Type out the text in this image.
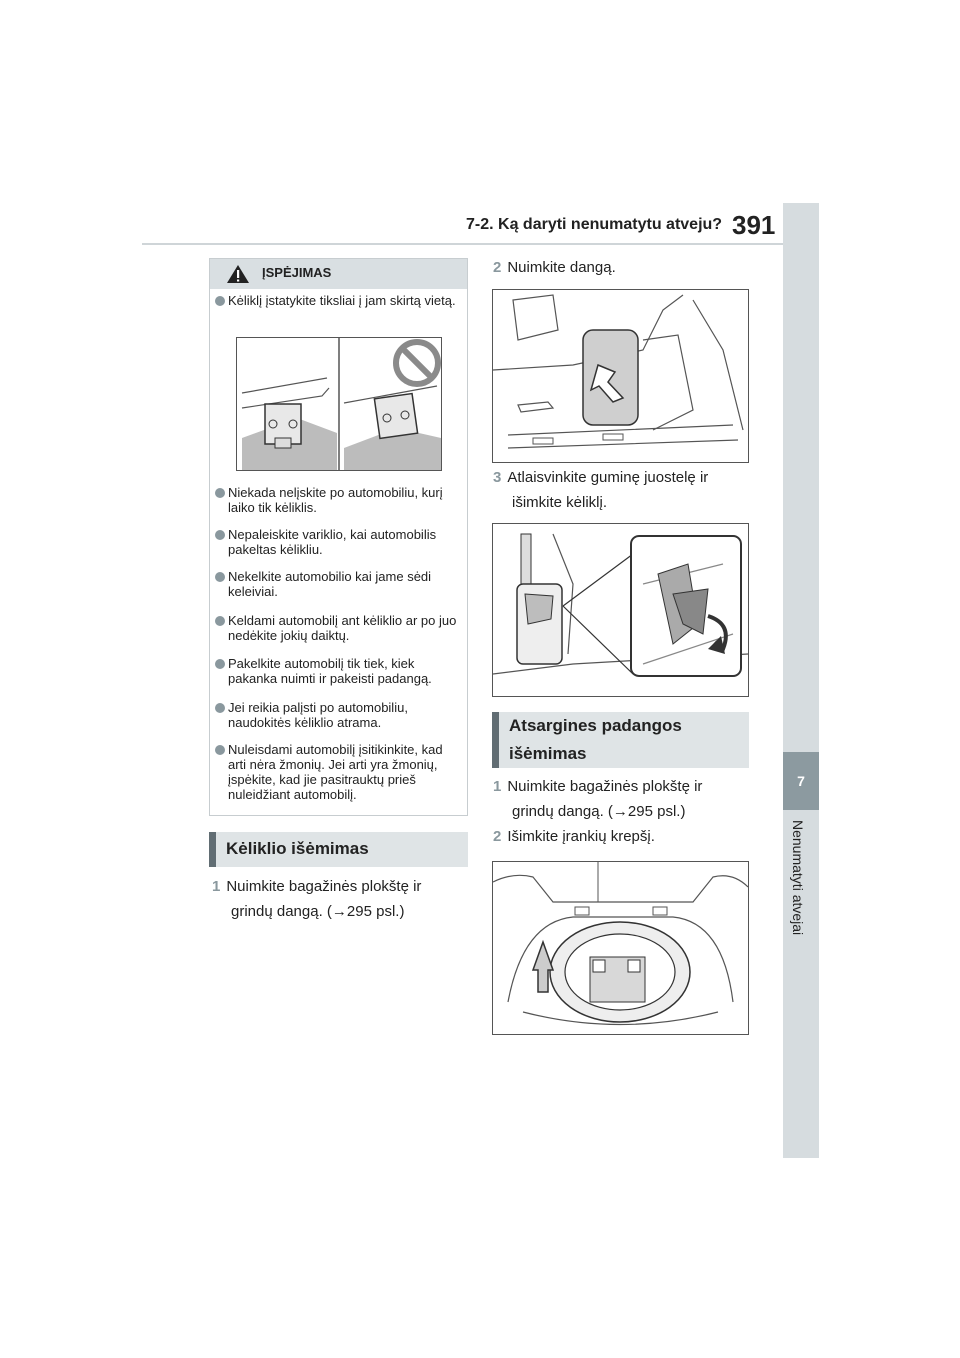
7-2. Ką daryti nenumatytu atveju? 391
7
Nenumatyti atvejai
ĮSPĖJIMAS
Kėliklį įstatykite tiksliai į jam skirtą vietą.
Niekada nelįskite po automobiliu, kurį laiko tik kėliklis.
Nepaleiskite variklio, kai automobilis pakeltas kėlikliu.
Nekelkite automobilio kai jame sėdi keleiviai.
Keldami automobilį ant kėliklio ar po juo nedėkite jokių daiktų.
Pakelkite automobilį tik tiek, kiek pakanka nuimti ir pakeisti padangą.
Jei reikia palįsti po automobiliu, naudokitės kėliklio atrama.
Nuleisdami automobilį įsitikinkite, kad arti nėra žmonių. Jei arti yra žmonių, įspėkite, kad jie pasitrauktų prieš nuleidžiant automobilį.
Kėliklio išėmimas
1 Nuimkite bagažinės plokštę ir
grindų dangą. (→295 psl.)
2 Nuimkite dangą.
3 Atlaisvinkite guminę juostelę ir
išimkite kėliklį.
Atsargines padangos
išėmimas
1 Nuimkite bagažinės plokštę ir
grindų dangą. (→295 psl.)
2 Išimkite įrankių krepšį.
